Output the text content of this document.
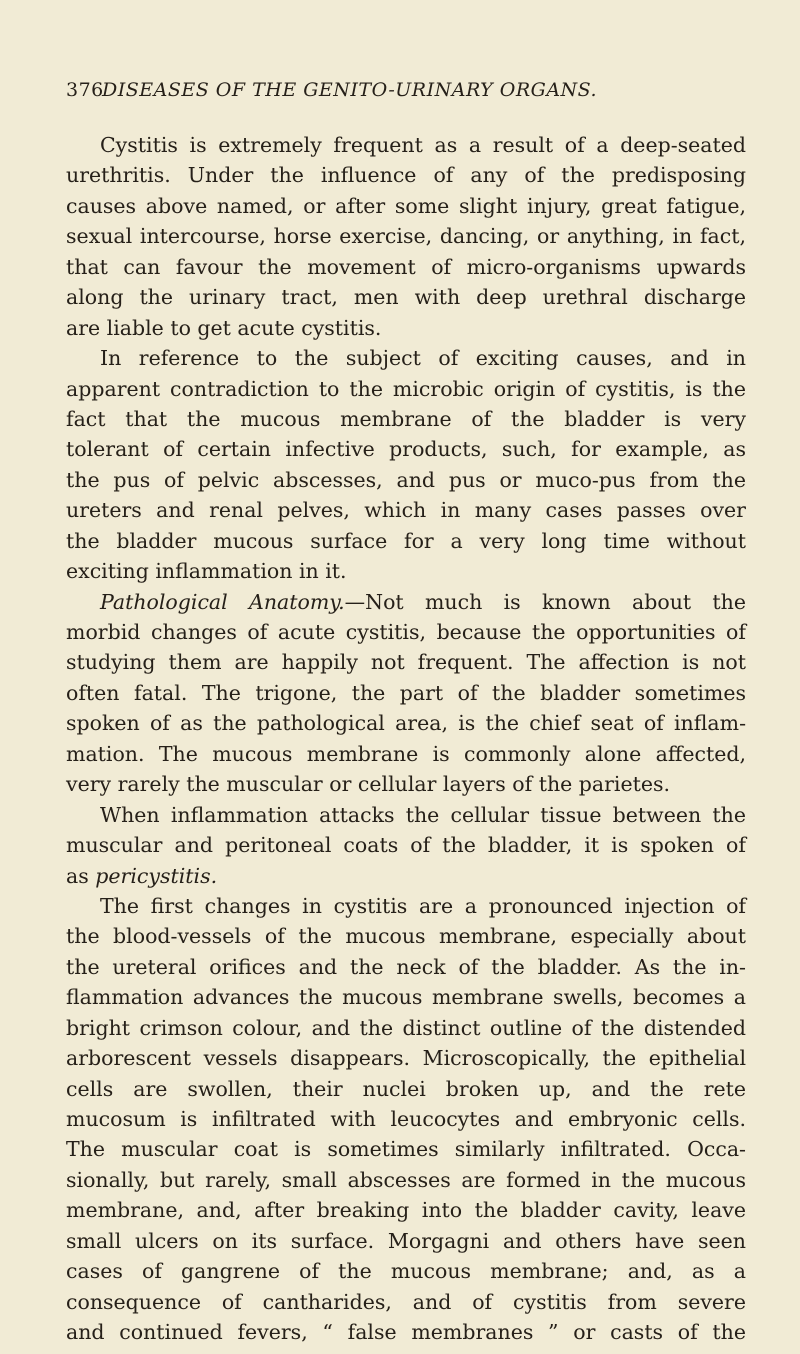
376
DISEASES OF THE GENITO-URINARY ORGANS.
Cystitis is extremely frequent as a result of a deep-seated
urethritis. Under the influence of any of the predisposing
causes above named, or after some slight injury, great fatigue,
sexual intercourse, horse exercise, dancing, or anything, in fact,
that can favour the movement of micro-organisms upwards
along the urinary tract, men with deep urethral discharge
are liable to get acute cystitis.
In reference to the subject of exciting causes, and in
apparent contradiction to the microbic origin of cystitis, is the
fact that the mucous membrane of the bladder is very
tolerant of certain infective products, such, for example, as
the pus of pelvic abscesses, and pus or muco-pus from the
ureters and renal pelves, which in many cases passes over
the bladder mucous surface for a very long time without
exciting inflammation in it.
Pathological Anatomy.—Not much is known about the
morbid changes of acute cystitis, because the opportunities of
studying them are happily not frequent. The affection is not
often fatal. The trigone, the part of the bladder sometimes
spoken of as the pathological area, is the chief seat of inflam-
mation. The mucous membrane is commonly alone affected,
very rarely the muscular or cellular layers of the parietes.
When inflammation attacks the cellular tissue between the
muscular and peritoneal coats of the bladder, it is spoken of
as pericystitis.
The first changes in cystitis are a pronounced injection of
the blood-vessels of the mucous membrane, especially about
the ureteral orifices and the neck of the bladder. As the in-
flammation advances the mucous membrane swells, becomes a
bright crimson colour, and the distinct outline of the distended
arborescent vessels disappears. Microscopically, the epithelial
cells are swollen, their nuclei broken up, and the rete
mucosum is infiltrated with leucocytes and embryonic cells.
The muscular coat is sometimes similarly infiltrated. Occa-
sionally, but rarely, small abscesses are formed in the mucous
membrane, and, after breaking into the bladder cavity, leave
small ulcers on its surface. Morgagni and others have seen
cases of gangrene of the mucous membrane; and, as a
consequence of cantharides, and of cystitis from severe
and continued fevers, “ false membranes ” or casts of the
